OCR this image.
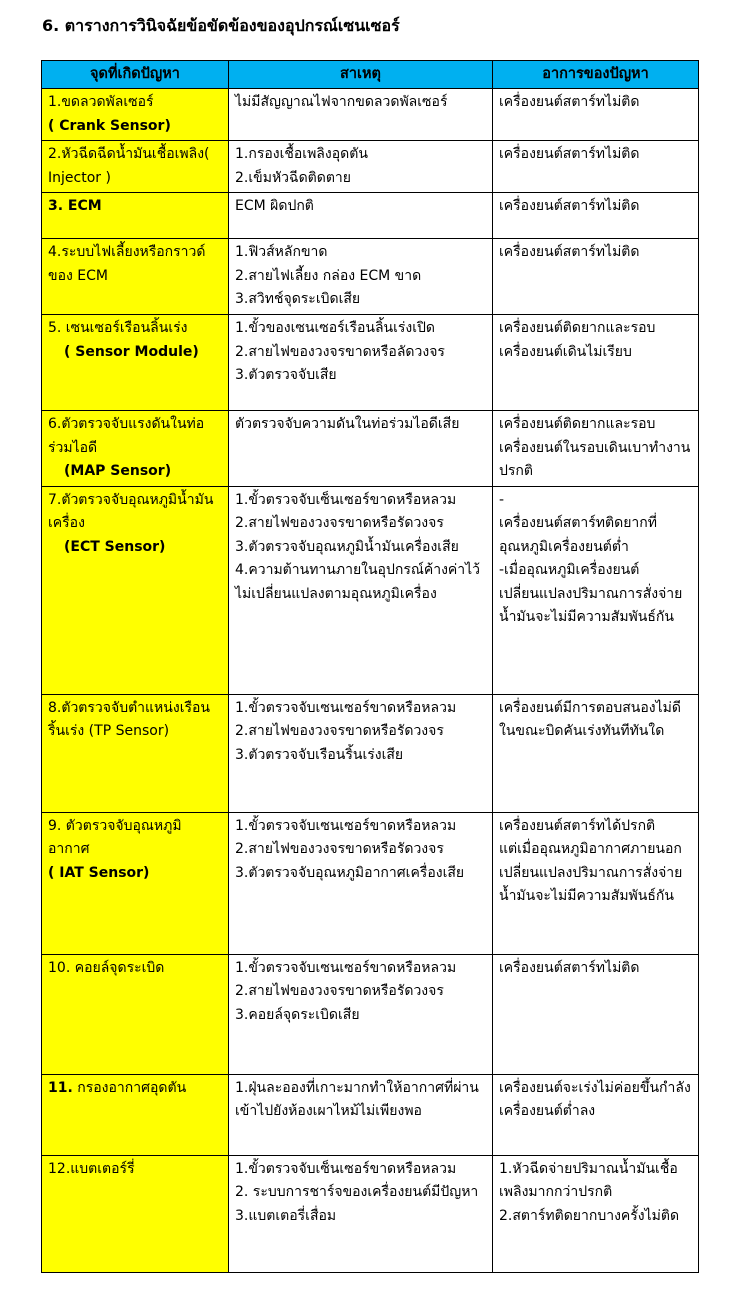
6. ตารางการวินิจฉัยข้อขัดข้องของอุปกรณ์เซนเซอร์
จุดที่เกิดปัญหา	สาเหตุ	อาการของปัญหา

1.ขดลวดพัลเซอร์
( Crank Sensor)	ไม่มีสัญญาณไฟจากขดลวดพัลเซอร์	เครื่องยนต์สตาร์ทไม่ติด

2.หัวฉีดฉีดน้ำมันเชื้อเพลิง( Injector )	1.กรองเชื้อเพลิงอุดตัน
2.เข็มหัวฉีดติดตาย	เครื่องยนต์สตาร์ทไม่ติด

3. ECM	ECM ผิดปกติ	เครื่องยนต์สตาร์ทไม่ติด

4.ระบบไฟเลี้ยงหรือกราวด์ของ ECM	1.ฟิวส์หลักขาด
2.สายไฟเลี้ยง กล่อง ECM ขาด
3.สวิทช์จุดระเบิดเสีย	เครื่องยนต์สตาร์ทไม่ติด

5. เซนเซอร์เรือนลิ้นเร่ง
( Sensor Module)	1.ขั้วของเซนเซอร์เรือนลิ้นเร่งเปิด
2.สายไฟของวงจรขาดหรือลัดวงจร
3.ตัวตรวจจับเสีย	เครื่องยนต์ติดยากและรอบเครื่องยนต์เดินไม่เรียบ

6.ตัวตรวจจับแรงดันในท่อร่วมไอดี
(MAP Sensor)	ตัวตรวจจับความดันในท่อร่วมไอดีเสีย	เครื่องยนต์ติดยากและรอบเครื่องยนต์ในรอบเดินเบาทำงานปรกติ

7.ตัวตรวจจับอุณหภูมิน้ำมันเครื่อง
(ECT Sensor)	1.ขั้วตรวจจับเซ็นเซอร์ขาดหรือหลวม
2.สายไฟของวงจรขาดหรือรัดวงจร
3.ตัวตรวจจับอุณหภูมิน้ำมันเครื่องเสีย
4.ความต้านทานภายในอุปกรณ์ค้างค่าไว้ไม่เปลี่ยนแปลงตามอุณหภูมิเครื่อง	-
เครื่องยนต์สตาร์ทติดยากที่อุณหภูมิเครื่องยนต์ต่ำ
-เมื่ออุณหภูมิเครื่องยนต์เปลี่ยนแปลงปริมาณการสั่งจ่ายน้ำมันจะไม่มีความสัมพันธ์กัน

8.ตัวตรวจจับตำแหน่งเรือนริ้นเร่ง (TP Sensor)	1.ขั้วตรวจจับเซนเซอร์ขาดหรือหลวม
2.สายไฟของวงจรขาดหรือรัดวงจร
3.ตัวตรวจจับเรือนริ้นเร่งเสีย	เครื่องยนต์มีการตอบสนองไม่ดีในขณะบิดคันเร่งทันทีทันใด

9. ตัวตรวจจับอุณหภูมิอากาศ
( IAT Sensor)	1.ขั้วตรวจจับเซนเซอร์ขาดหรือหลวม
2.สายไฟของวงจรขาดหรือรัดวงจร
3.ตัวตรวจจับอุณหภูมิอากาศเครื่องเสีย	เครื่องยนต์สตาร์ทได้ปรกติ
แต่เมื่ออุณหภูมิอากาศภายนอกเปลี่ยนแปลงปริมาณการสั่งจ่ายน้ำมันจะไม่มีความสัมพันธ์กัน

10. คอยล์จุดระเบิด	1.ขั้วตรวจจับเซนเซอร์ขาดหรือหลวม
2.สายไฟของวงจรขาดหรือรัดวงจร
3.คอยล์จุดระเบิดเสีย	เครื่องยนต์สตาร์ทไม่ติด

11. กรองอากาศอุดตัน	1.ฝุ่นละอองที่เกาะมากทำให้อากาศที่ผ่านเข้าไปยังห้องเผาไหม้ไม่เพียงพอ	เครื่องยนต์จะเร่งไม่ค่อยขึ้นกำลังเครื่องยนต์ต่ำลง

12.แบตเตอร์รี่	1.ขั้วตรวจจับเซ็นเซอร์ขาดหรือหลวม
2. ระบบการชาร์จของเครื่องยนต์มีปัญหา
3.แบตเตอรี่เสื่อม	1.หัวฉีดจ่ายปริมาณน้ำมันเชื้อเพลิงมากกว่าปรกติ
2.สตาร์ทติดยากบางครั้งไม่ติด
